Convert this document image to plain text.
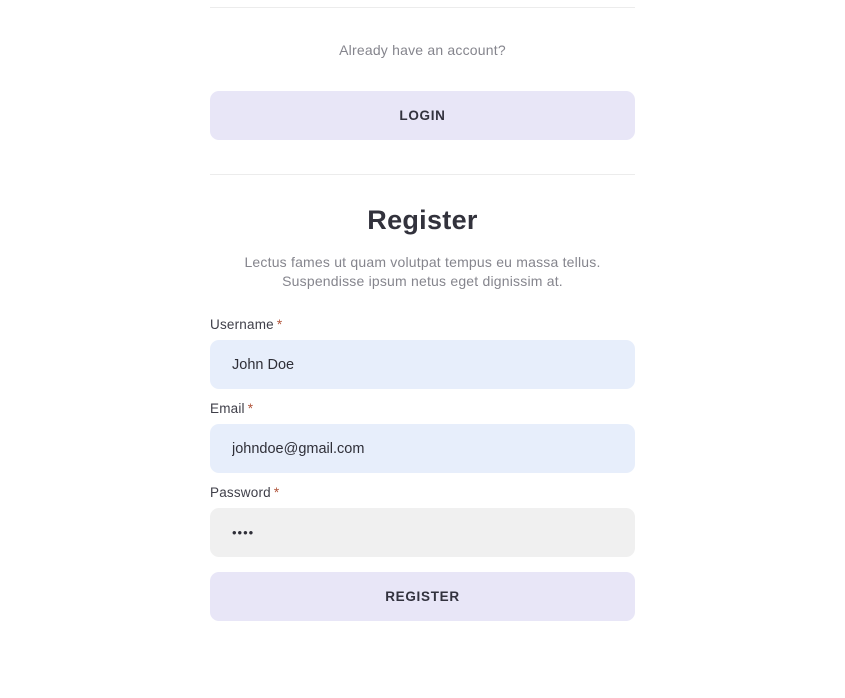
Already have an account?
LOGIN
Register
Lectus fames ut quam volutpat tempus eu massa tellus.
Suspendisse ipsum netus eget dignissim at.
Username *
John Doe
Email *
johndoe@gmail.com
Password *
••••
REGISTER
